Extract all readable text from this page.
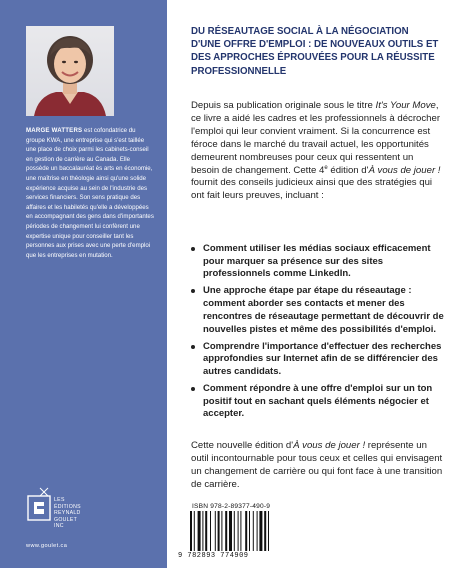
MARGE WATTERS est cofondatrice du groupe KWA, une entreprise qui s'est taillée une place de choix parmi les cabinets-conseil en gestion de carrière au Canada. Elle possède un baccalauréat ès arts en économie, une maîtrise en théologie ainsi qu'une solide expérience acquise au sein de l'industrie des services financiers. Son sens pratique des affaires et les habiletés qu'elle a développées en accompagnant des gens dans d'importantes périodes de changement lui confèrent une expertise unique pour conseiller tant les personnes aux prises avec une perte d'emploi que les entreprises en mutation.
LES
ÉDITIONS
REYNALD
GOULET
INC
www.goulet.ca
DU RÉSEAUTAGE SOCIAL À LA NÉGOCIATION D'UNE OFFRE D'EMPLOI : DE NOUVEAUX OUTILS ET DES APPROCHES ÉPROUVÉES POUR LA RÉUSSITE PROFESSIONNELLE
Depuis sa publication originale sous le titre It's Your Move, ce livre a aidé les cadres et les professionnels à décrocher l'emploi qui leur convient vraiment. Si la concurrence est féroce dans le marché du travail actuel, les opportunités demeurent nombreuses pour ceux qui ressentent un besoin de changement. Cette 4e édition d'À vous de jouer ! fournit des conseils judicieux ainsi que des stratégies qui ont fait leurs preuves, incluant :
Comment utiliser les médias sociaux efficacement pour marquer sa présence sur des sites professionnels comme LinkedIn.
Une approche étape par étape du réseautage : comment aborder ses contacts et mener des rencontres de réseautage permettant de découvrir de nouvelles pistes et même des possibilités d'emploi.
Comprendre l'importance d'effectuer des recherches approfondies sur Internet afin de se différencier des autres candidats.
Comment répondre à une offre d'emploi sur un ton positif tout en sachant quels éléments négocier et accepter.
Cette nouvelle édition d'À vous de jouer ! représente un outil incontournable pour tous ceux et celles qui envisagent un changement de carrière ou qui font face à une transition de carrière.
ISBN 978-2-89377-490-9
9 782893 774909
